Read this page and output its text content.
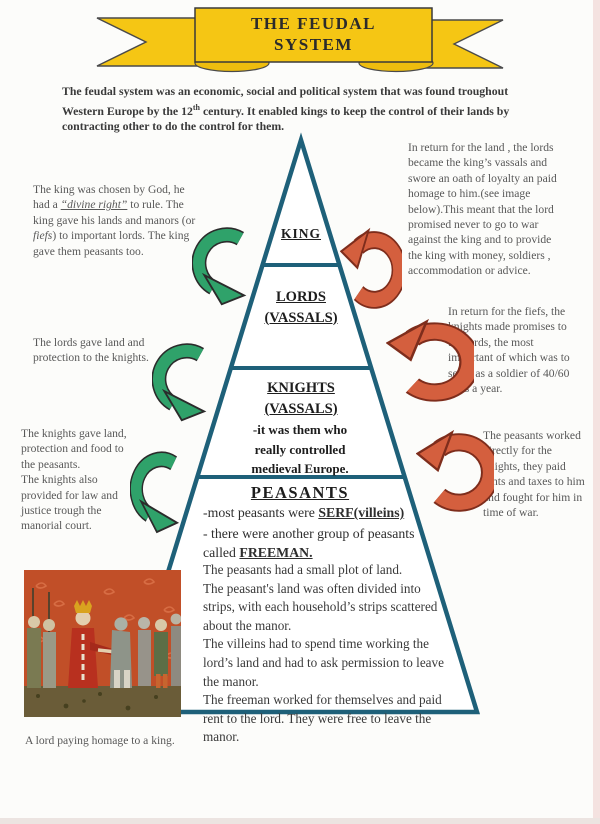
THE FEUDAL
SYSTEM
The feudal system was an economic, social and political system that was found troughout Western Europe by the 12th century. It enabled kings to keep the control of their lands by contracting other to do the control for them.
KING
LORDS
(VASSALS)
KNIGHTS
(VASSALS)
-it was them who really controlled medieval Europe.
PEASANTS
-most peasants were SERF(villeins)
- there were another group of peasants called FREEMAN.
The peasants had a small plot of land.
The peasant's land was often divided into strips, with each household’s strips scattered about the manor.
The villeins had to spend time working the lord’s land and had to ask permission to leave the manor.
The freeman worked for themselves and paid rent to the lord. They were free to leave the manor.
The king was chosen by God, he had a “divine right” to rule. The king gave his lands and manors (or fiefs) to important lords. The king gave them peasants too.
The lords gave land and protection to the knights.
The knights gave land, protection and food to the peasants.
The knights also provided for law and justice trough the manorial court.
In return for the land , the lords became the king’s vassals and swore an oath of loyalty an paid homage to him.(see image below).This meant that the lord promised never to go to war against the king and to provide the king with money, soldiers , accommodation or advice.
In return for the fiefs, the knights made promises to the lords, the most important of which was to serve as a soldier of 40/60 days a year.
The peasants worked directly for the knights, they paid rents and taxes to him and fought for him in time of war.
A lord paying homage to a king.
